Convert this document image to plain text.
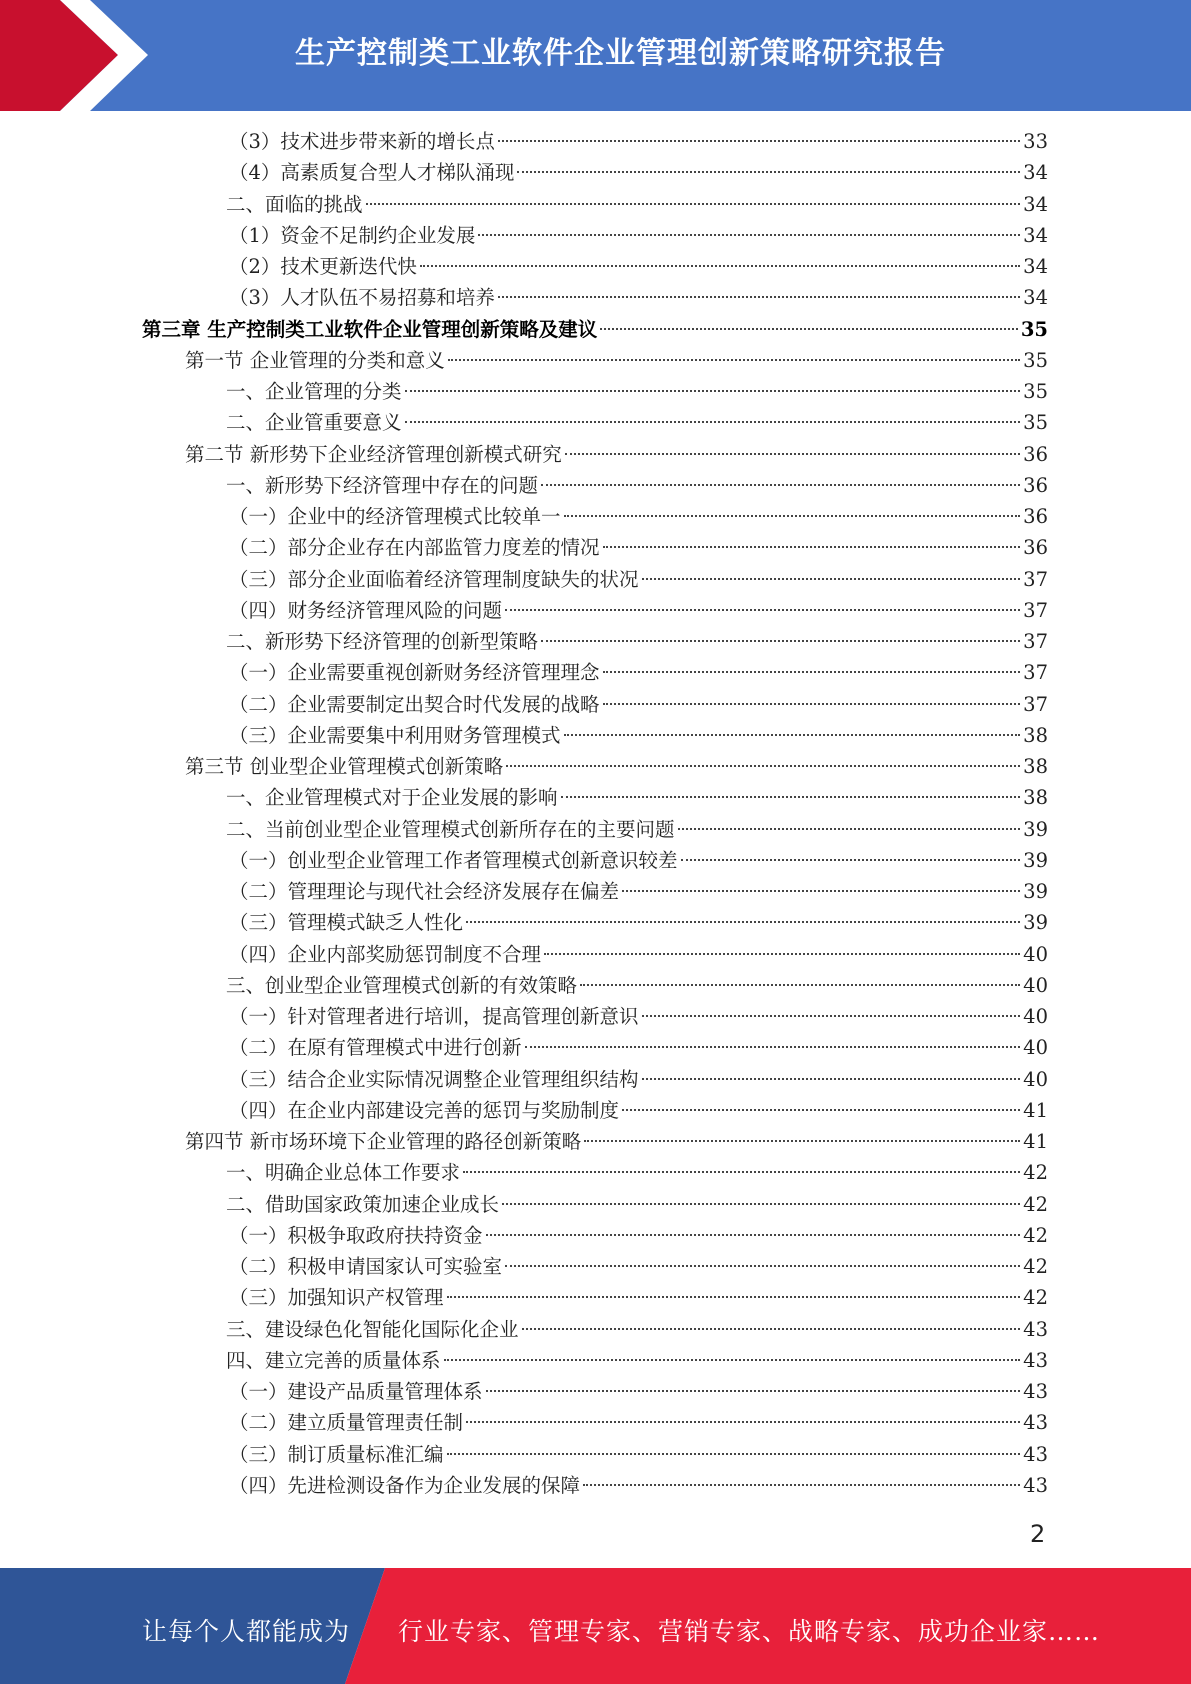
生产控制类工业软件企业管理创新策略研究报告
（3）技术进步带来新的增长点	33
（4）高素质复合型人才梯队涌现	34
二、面临的挑战	34
（1）资金不足制约企业发展	34
（2）技术更新迭代快	34
（3）人才队伍不易招募和培养	34
第三章 生产控制类工业软件企业管理创新策略及建议	35
第一节 企业管理的分类和意义	35
一、企业管理的分类	35
二、企业管重要意义	35
第二节 新形势下企业经济管理创新模式研究	36
一、新形势下经济管理中存在的问题	36
（一）企业中的经济管理模式比较单一	36
（二）部分企业存在内部监管力度差的情况	36
（三）部分企业面临着经济管理制度缺失的状况	37
（四）财务经济管理风险的问题	37
二、新形势下经济管理的创新型策略	37
（一）企业需要重视创新财务经济管理理念	37
（二）企业需要制定出契合时代发展的战略	37
（三）企业需要集中利用财务管理模式	38
第三节 创业型企业管理模式创新策略	38
一、企业管理模式对于企业发展的影响	38
二、当前创业型企业管理模式创新所存在的主要问题	39
（一）创业型企业管理工作者管理模式创新意识较差	39
（二）管理理论与现代社会经济发展存在偏差	39
（三）管理模式缺乏人性化	39
（四）企业内部奖励惩罚制度不合理	40
三、创业型企业管理模式创新的有效策略	40
（一）针对管理者进行培训，提高管理创新意识	40
（二）在原有管理模式中进行创新	40
（三）结合企业实际情况调整企业管理组织结构	40
（四）在企业内部建设完善的惩罚与奖励制度	41
第四节 新市场环境下企业管理的路径创新策略	41
一、明确企业总体工作要求	42
二、借助国家政策加速企业成长	42
（一）积极争取政府扶持资金	42
（二）积极申请国家认可实验室	42
（三）加强知识产权管理	42
三、建设绿色化智能化国际化企业	43
四、建立完善的质量体系	43
（一）建设产品质量管理体系	43
（二）建立质量管理责任制	43
（三）制订质量标准汇编	43
（四）先进检测设备作为企业发展的保障	43
2
让每个人都能成为 行业专家、管理专家、营销专家、战略专家、成功企业家……
